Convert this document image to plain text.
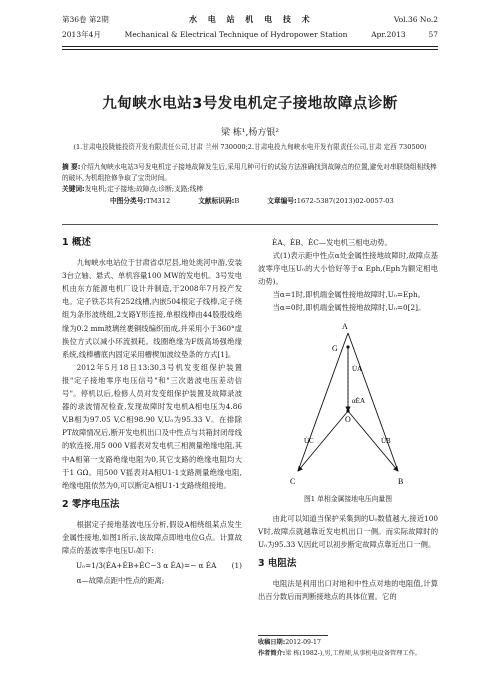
第36卷 第2期	水 电 站 机 电 技 术	Vol.36 No.2
2013年4月	Mechanical & Electrical Technique of Hydropower Station	Apr.2013	57
九甸峡水电站3号发电机定子接地故障点诊断
梁 栋¹,杨方银²
(1.甘肃电投陇能投资开发有限责任公司,甘肃 兰州 730000;2.甘肃电投九甸峡水电开发有限责任公司,甘肃 定西 730500)

摘 要:介绍九甸峡水电站3号发电机定子接地故障发生后,采用几种可行的试验方法准确找到故障点的位置,避免对串联绕组相线棒的破坏,为机组抢修争取了宝贵时间。

关键词:发电机;定子接地;故障点;诊断;支路;线棒

中图分类号:TM312	文献标识码:B	文章编号:1672-5387(2013)02-0057-03
1 概述

九甸峡水电站位于甘肃省卓尼县,地处洮河中游,安装3台立轴、悬式、单机容量100 MW的发电机。3号发电机由东方能源电机厂设计并制造,于2008年7月投产发电。定子铁芯共有252线槽,内嵌504根定子线棒,定子绕组为条形波绕组,2支路Y形连接,单根线棒由44股股线绝缘为0.2 mm玻璃丝裹铜线编织而成,并采用小于360°虚换位方式以减小环流损耗。线圈绝缘为F级高场强绝缘系统,线棒槽底内固定采用槽楔加波纹垫条的方式[1]。

2012年5月18日13:30,3号机发变组保护装置报"定子接地零序电压信号"和"三次谐波电压差动信号"。停机以后,检修人员对发变组保护装置及故障录波器的录波情况检查,发现故障时发电机A相电压为4.86 V,B相为97.05 V,C相98.90 V,U₀为95.33 V。在排除PT故障情况后,断开发电机出口及中性点与共箱封闭母线的软连接,用5 000 V摇表对发电机三相测量绝缘电阻,其中A相第一支路绝缘电阻为0,其它支路的绝缘电阻均大于1 GΩ。用500 V摇表对A相U1-1支路测量绝缘电阻,绝缘电阻依然为0,可以断定A相U1-1支路绕组接地。

2 零序电压法

根据定子接地基波电压分析,假设A相绕组某点发生金属性接地,如图1所示,该故障点即地电位G点。计算故障点的基波零序电压U₀如下:

U₀=1/3(ĖA+ĖB+ĖC−3 α ĖA)=− α ĖA (1)

α—故障点距中性点的距离;

ĖA、ĖB、ĖC—发电机三相电动势。

式(1)表示距中性点α处金属性接地故障时,故障点基波零序电压U₀的大小恰好等于α Eph,(Eph为额定相电动势)。

当α=1时,即机端金属性接地故障时,U₀=Eph。

当α=0时,即机端金属性接地故障时,U₀=0[2]。

A
G
U̇A
αĖA
O
U̇C	U̇B
C	B
图1 单相金属接地电压向量图

由此可以知道当保护采集到的U₀数值越大,接近100 V时,故障点就越靠近发电机出口一侧。而实际故障时的U₀为95.33 V,因此可以初步断定故障点靠近出口一侧。

3 电阻法

电阻法是利用出口对地和中性点对地的电阻值,计算出百分数后而判断接地点的具体位置。它的

收稿日期:2012-09-17
作者简介:梁 栋(1982-),男,工程师,从事机电设备管理工作。
